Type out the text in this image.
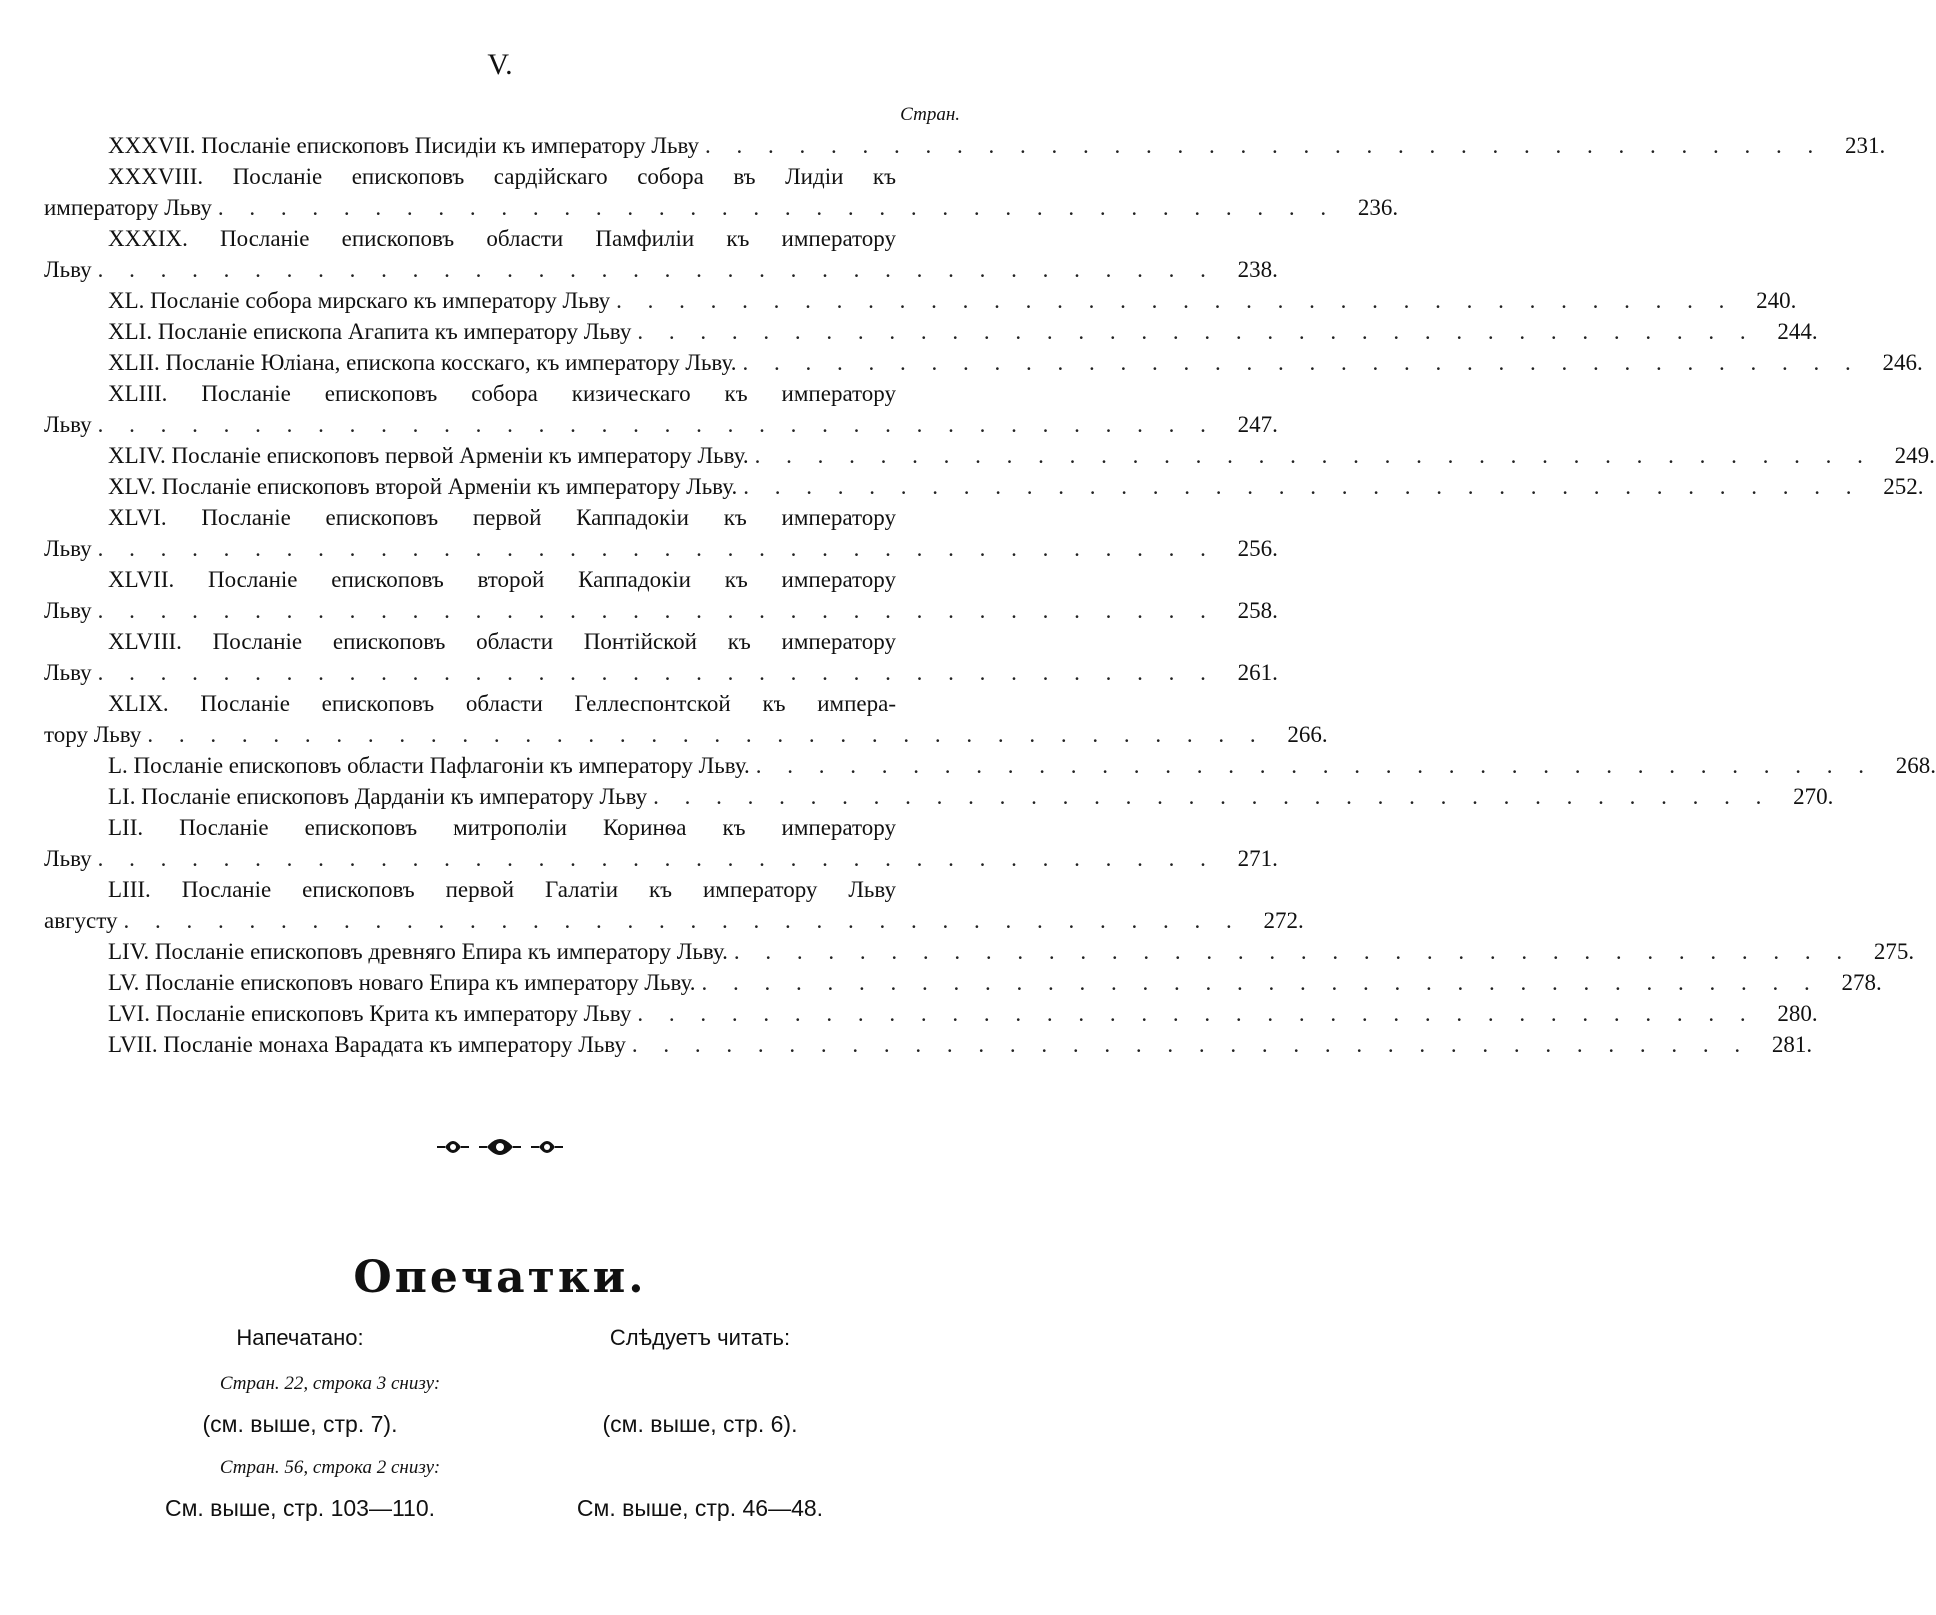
V.
Стран.
XXXVII. Посланіе епископовъ Писидіи къ императору Льву . . . . . . . . . . . . . . . . . . . . . . . . . . . . . . . . . . . . 231.
XXXVIII. Посланіе епископовъ сардійскаго собора въ Лидіи къ
императору Льву . . . . . . . . . . . . . . . . . . . . . . . . . . . . . . . . . . . . 236.
XXXIX. Посланіе епископовъ области Памфиліи къ императору
Льву . . . . . . . . . . . . . . . . . . . . . . . . . . . . . . . . . . . . 238.
XL. Посланіе собора мирскаго къ императору Льву . . . . . . . . . . . . . . . . . . . . . . . . . . . . . . . . . . . . 240.
XLI. Посланіе епископа Агапита къ императору Льву . . . . . . . . . . . . . . . . . . . . . . . . . . . . . . . . . . . . 244.
XLII. Посланіе Юліана, епископа косскаго, къ императору Льву. . . . . . . . . . . . . . . . . . . . . . . . . . . . . . . . . . . . . 246.
XLIII. Посланіе епископовъ собора кизическаго къ императору
Льву . . . . . . . . . . . . . . . . . . . . . . . . . . . . . . . . . . . . 247.
XLIV. Посланіе епископовъ первой Арменіи къ императору Льву. . . . . . . . . . . . . . . . . . . . . . . . . . . . . . . . . . . . . 249.
XLV. Посланіе епископовъ второй Арменіи къ императору Льву. . . . . . . . . . . . . . . . . . . . . . . . . . . . . . . . . . . . . 252.
XLVI. Посланіе епископовъ первой Каппадокіи къ императору
Льву . . . . . . . . . . . . . . . . . . . . . . . . . . . . . . . . . . . . 256.
XLVII. Посланіе епископовъ второй Каппадокіи къ императору
Льву . . . . . . . . . . . . . . . . . . . . . . . . . . . . . . . . . . . . 258.
XLVIII. Посланіе епископовъ области Понтійской къ императору
Льву . . . . . . . . . . . . . . . . . . . . . . . . . . . . . . . . . . . . 261.
XLIX. Посланіе епископовъ области Геллеспонтской къ импера-
тору Льву . . . . . . . . . . . . . . . . . . . . . . . . . . . . . . . . . . . . 266.
L. Посланіе епископовъ области Пафлагоніи къ императору Льву. . . . . . . . . . . . . . . . . . . . . . . . . . . . . . . . . . . . . 268.
LI. Посланіе епископовъ Дарданіи къ императору Льву . . . . . . . . . . . . . . . . . . . . . . . . . . . . . . . . . . . . 270.
LII. Посланіе епископовъ митрополіи Коринѳа къ императору
Льву . . . . . . . . . . . . . . . . . . . . . . . . . . . . . . . . . . . . 271.
LIII. Посланіе епископовъ первой Галатіи къ императору Льву
августу . . . . . . . . . . . . . . . . . . . . . . . . . . . . . . . . . . . . 272.
LIV. Посланіе епископовъ древняго Епира къ императору Льву. . . . . . . . . . . . . . . . . . . . . . . . . . . . . . . . . . . . . 275.
LV. Посланіе епископовъ новаго Епира къ императору Льву. . . . . . . . . . . . . . . . . . . . . . . . . . . . . . . . . . . . . 278.
LVI. Посланіе епископовъ Крита къ императору Льву . . . . . . . . . . . . . . . . . . . . . . . . . . . . . . . . . . . . 280.
LVII. Посланіе монаха Варадата къ императору Льву . . . . . . . . . . . . . . . . . . . . . . . . . . . . . . . . . . . . 281.
Опечатки.
Напечатано:	Слѣдуетъ читать:
Стран. 22, строка 3 снизу:
(см. выше, стр. 7).	(см. выше, стр. 6).
Стран. 56, строка 2 снизу:
См. выше, стр. 103—110.	См. выше, стр. 46—48.
